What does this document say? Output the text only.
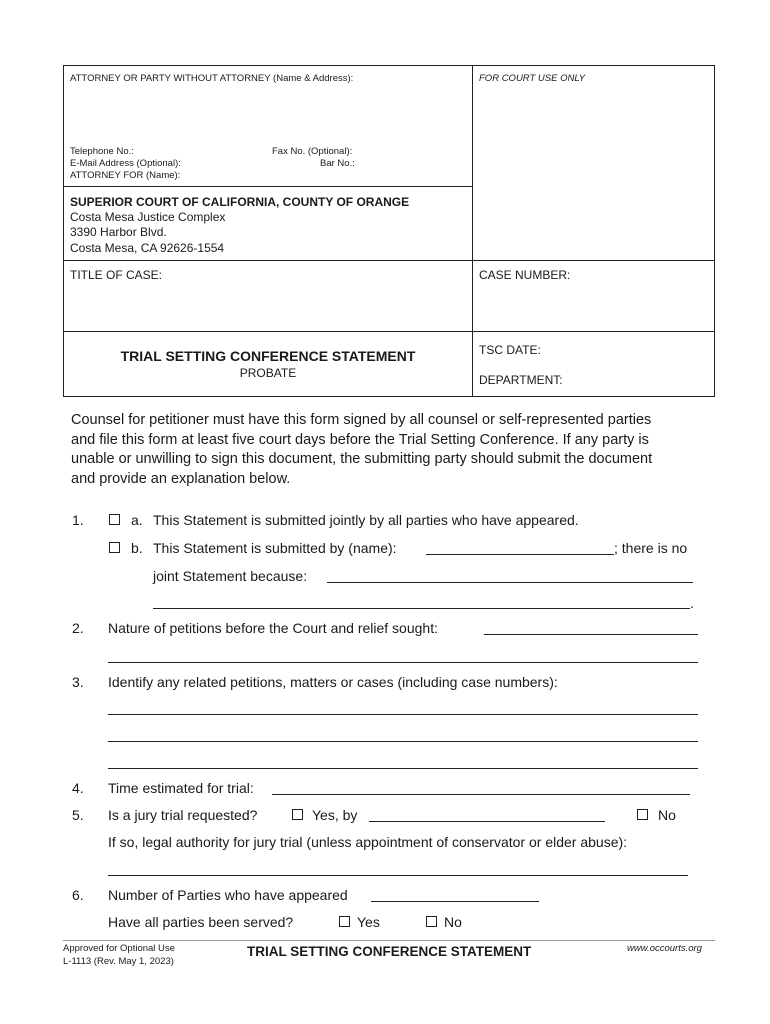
ATTORNEY OR PARTY WITHOUT ATTORNEY (Name & Address):	FOR COURT USE ONLY
Telephone No.:	Fax No. (Optional):
E-Mail Address (Optional):	Bar No.:
ATTORNEY FOR (Name):
SUPERIOR COURT OF CALIFORNIA, COUNTY OF ORANGE
Costa Mesa Justice Complex
3390 Harbor Blvd.
Costa Mesa, CA 92626-1554
TITLE OF CASE:	CASE NUMBER:
TRIAL SETTING CONFERENCE STATEMENT
PROBATE
TSC DATE:
DEPARTMENT:
Counsel for petitioner must have this form signed by all counsel or self-represented parties
and file this form at least five court days before the Trial Setting Conference. If any party is
unable or unwilling to sign this document, the submitting party should submit the document
and provide an explanation below.
1.	a. This Statement is submitted jointly by all parties who have appeared.
b. This Statement is submitted by (name):	; there is no
joint Statement because:
.
2. Nature of petitions before the Court and relief sought:
3. Identify any related petitions, matters or cases (including case numbers):
4. Time estimated for trial:
5. Is a jury trial requested?	Yes, by	No
If so, legal authority for jury trial (unless appointment of conservator or elder abuse):
6. Number of Parties who have appeared
Have all parties been served?	Yes	No
Approved for Optional Use
L-1113 (Rev. May 1, 2023)
TRIAL SETTING CONFERENCE STATEMENT	www.occourts.org
